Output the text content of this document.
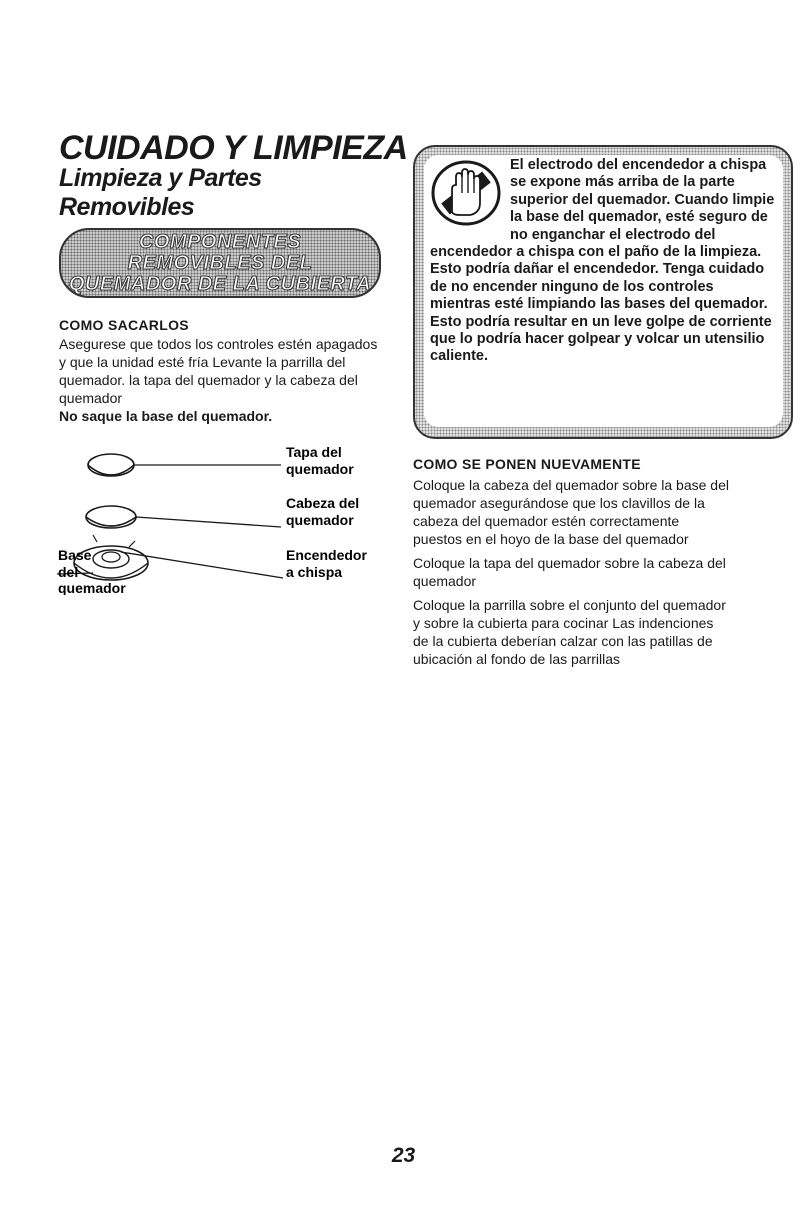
CUIDADO Y LIMPIEZA
Limpieza y Partes Removibles
COMPONENTES
REMOVIBLES DEL
QUEMADOR DE LA CUBIERTA
COMO SACARLOS

Asegurese que todos los controles estén apagados y que la unidad esté fría Levante la parrilla del quemador. la tapa del quemador y la cabeza del quemador

No saque la base del quemador.

Tapa del
quemador
Cabeza del
quemador
Encendedor
a chispa
Base
del
quemador

El electrodo del encendedor a chispa se expone más arriba de la parte superior del quemador. Cuando limpie la base del quemador, esté seguro de no enganchar el electrodo del encendedor a chispa con el paño de la limpieza. Esto podría dañar el encendedor. Tenga cuidado de no encender ninguno de los controles mientras esté limpiando las bases del quemador. Esto podría resultar en un leve golpe de corriente que lo podría hacer golpear y volcar un utensilio caliente.

COMO SE PONEN NUEVAMENTE

Coloque la cabeza del quemador sobre la base del quemador asegurándose que los clavillos de la cabeza del quemador estén correctamente puestos en el hoyo de la base del quemador

Coloque la tapa del quemador sobre la cabeza del quemador

Coloque la parrilla sobre el conjunto del quemador y sobre la cubierta para cocinar Las indenciones de la cubierta deberían calzar con las patillas de ubicación al fondo de las parrillas

23
